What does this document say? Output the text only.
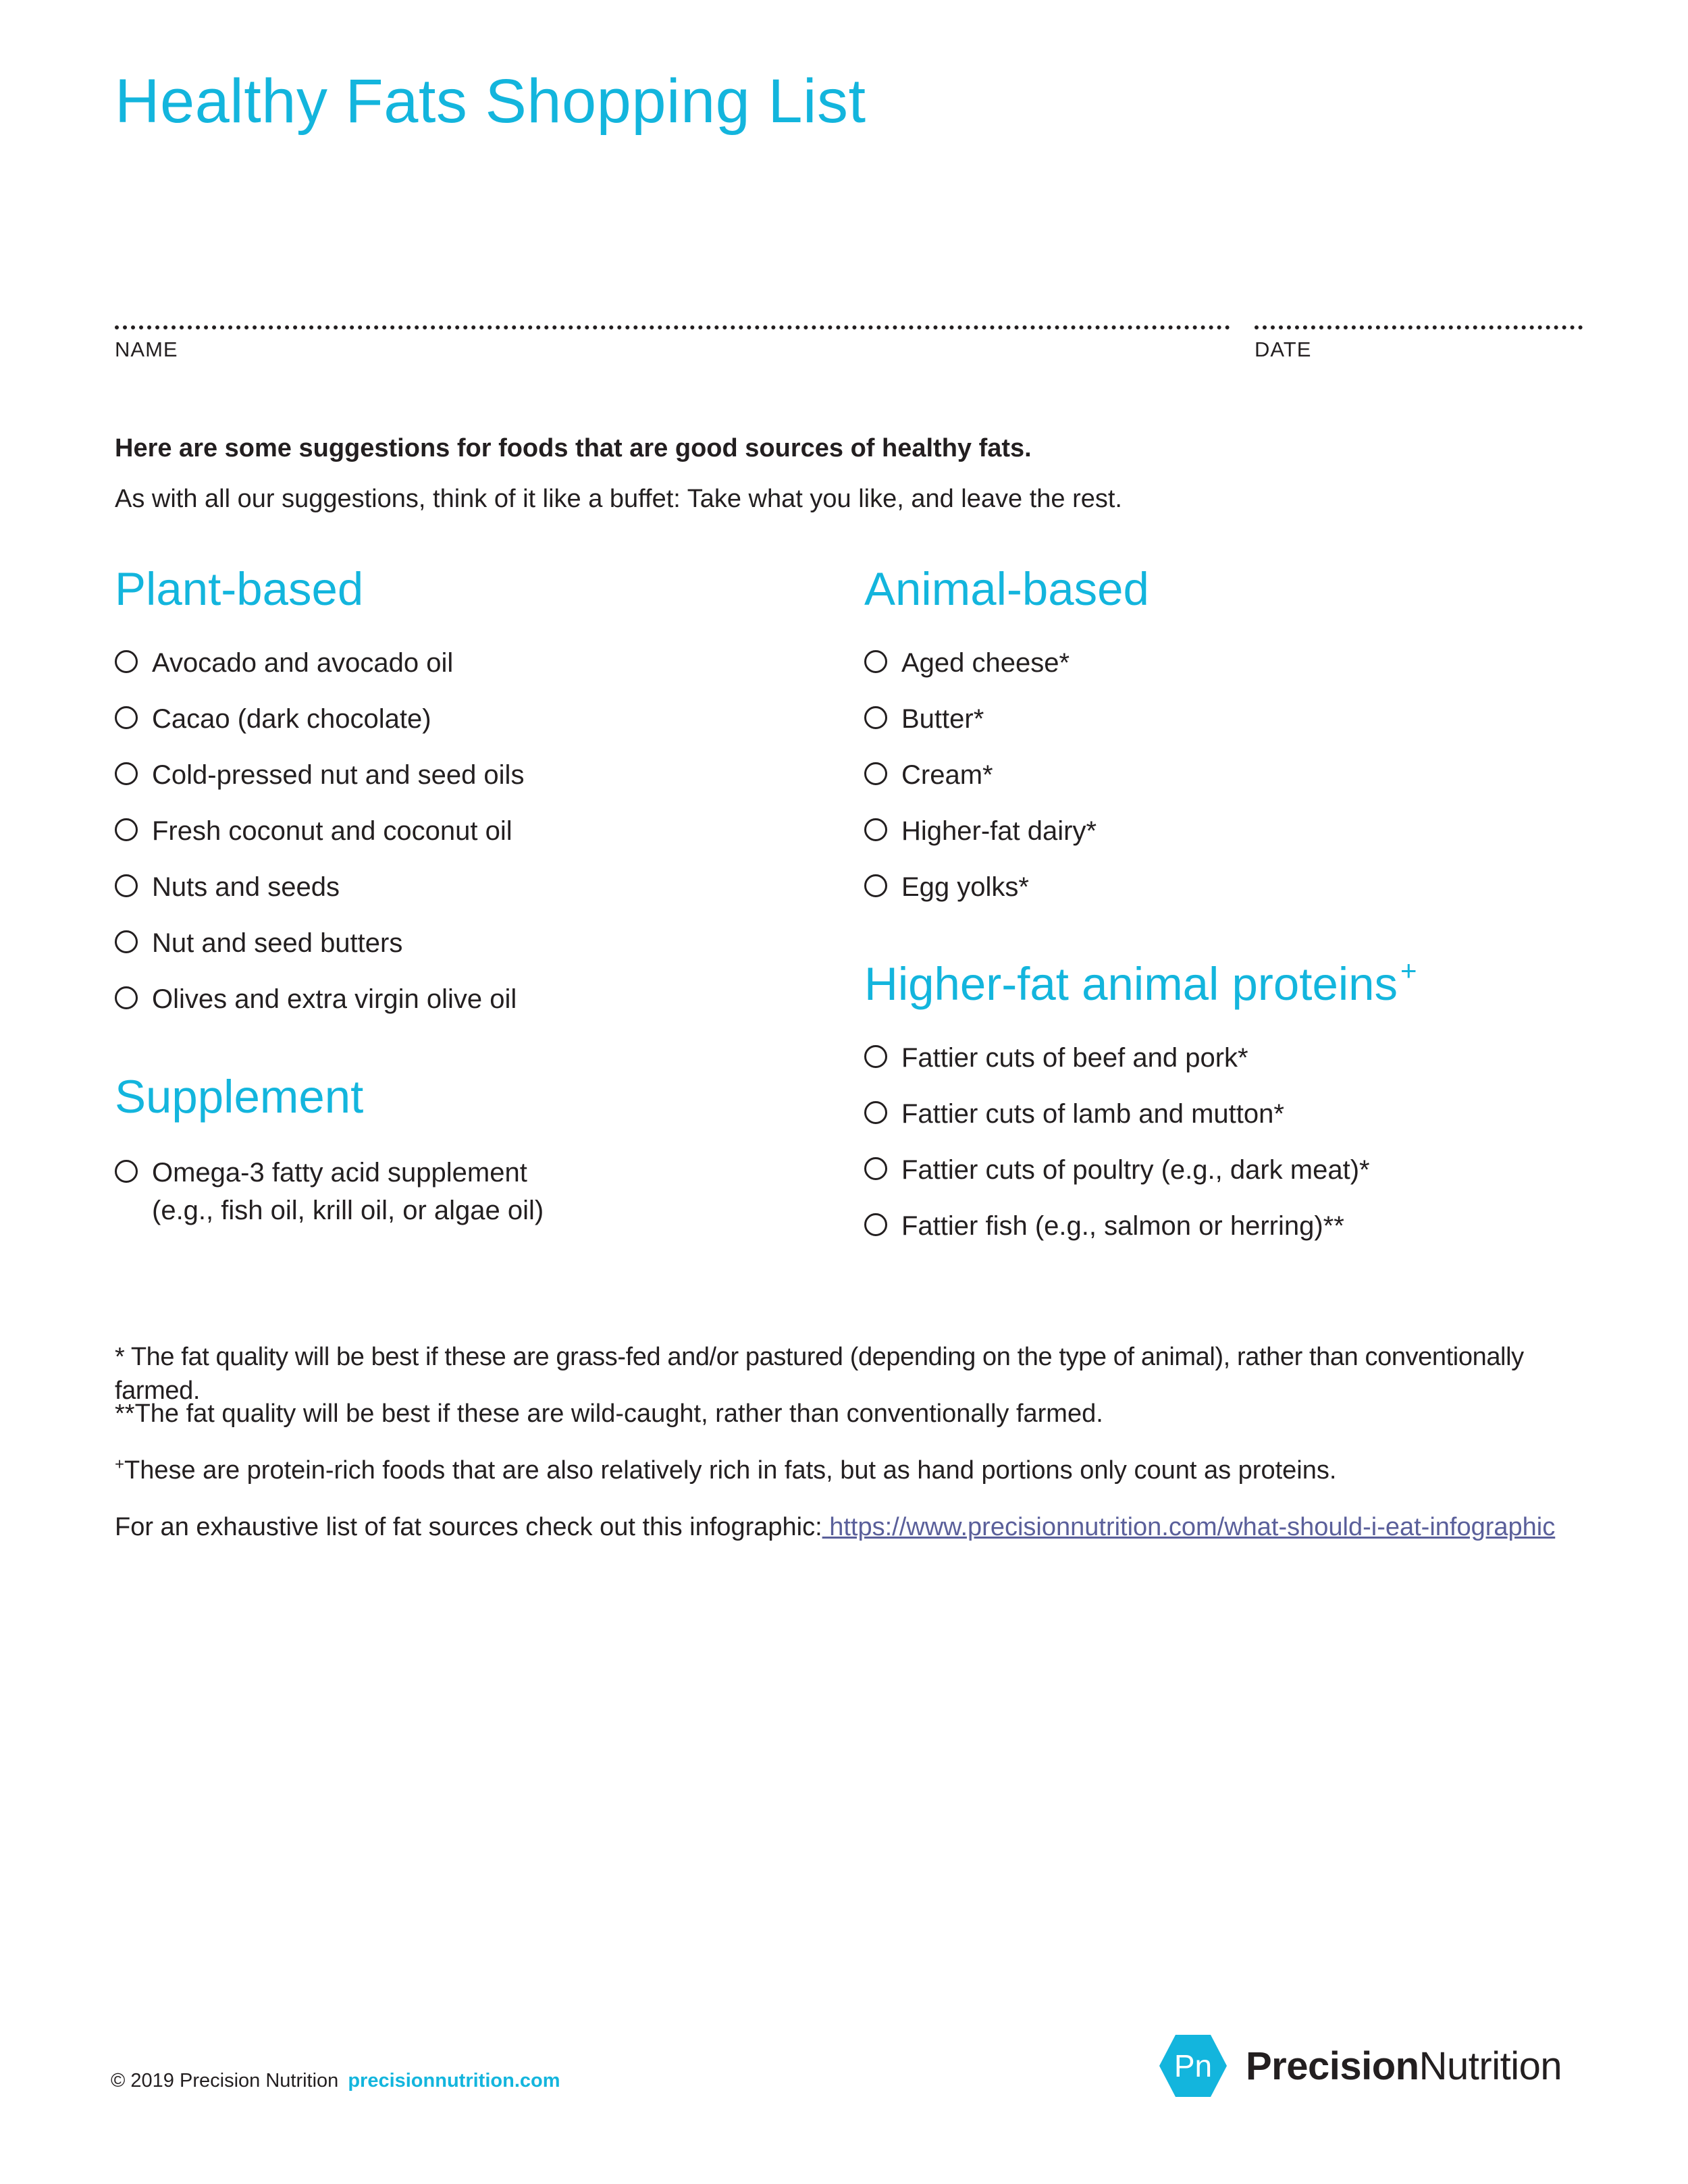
Healthy Fats Shopping List
NAME	DATE

Here are some suggestions for foods that are good sources of healthy fats.

As with all our suggestions, think of it like a buffet: Take what you like, and leave the rest.

Plant-based
Avocado and avocado oil
Cacao (dark chocolate)
Cold-pressed nut and seed oils
Fresh coconut and coconut oil
Nuts and seeds
Nut and seed butters
Olives and extra virgin olive oil
Supplement
Omega-3 fatty acid supplement
(e.g., fish oil, krill oil, or algae oil)
Animal-based
Aged cheese*
Butter*
Cream*
Higher-fat dairy*
Egg yolks*
Higher-fat animal proteins +
Fattier cuts of beef and pork*
Fattier cuts of lamb and mutton*
Fattier cuts of poultry (e.g., dark meat)*
Fattier fish (e.g., salmon or herring)**

* The fat quality will be best if these are grass-fed and/or pastured (depending on the type of animal), rather than conventionally farmed.

**The fat quality will be best if these are wild-caught, rather than conventionally farmed.

+These are protein-rich foods that are also relatively rich in fats, but as hand portions only count as proteins.

For an exhaustive list of fat sources check out this infographic: https://www.precisionnutrition.com/what-should-i-eat-infographic

© 2019 Precision Nutrition precisionnutrition.com	Pn PrecisionNutrition
